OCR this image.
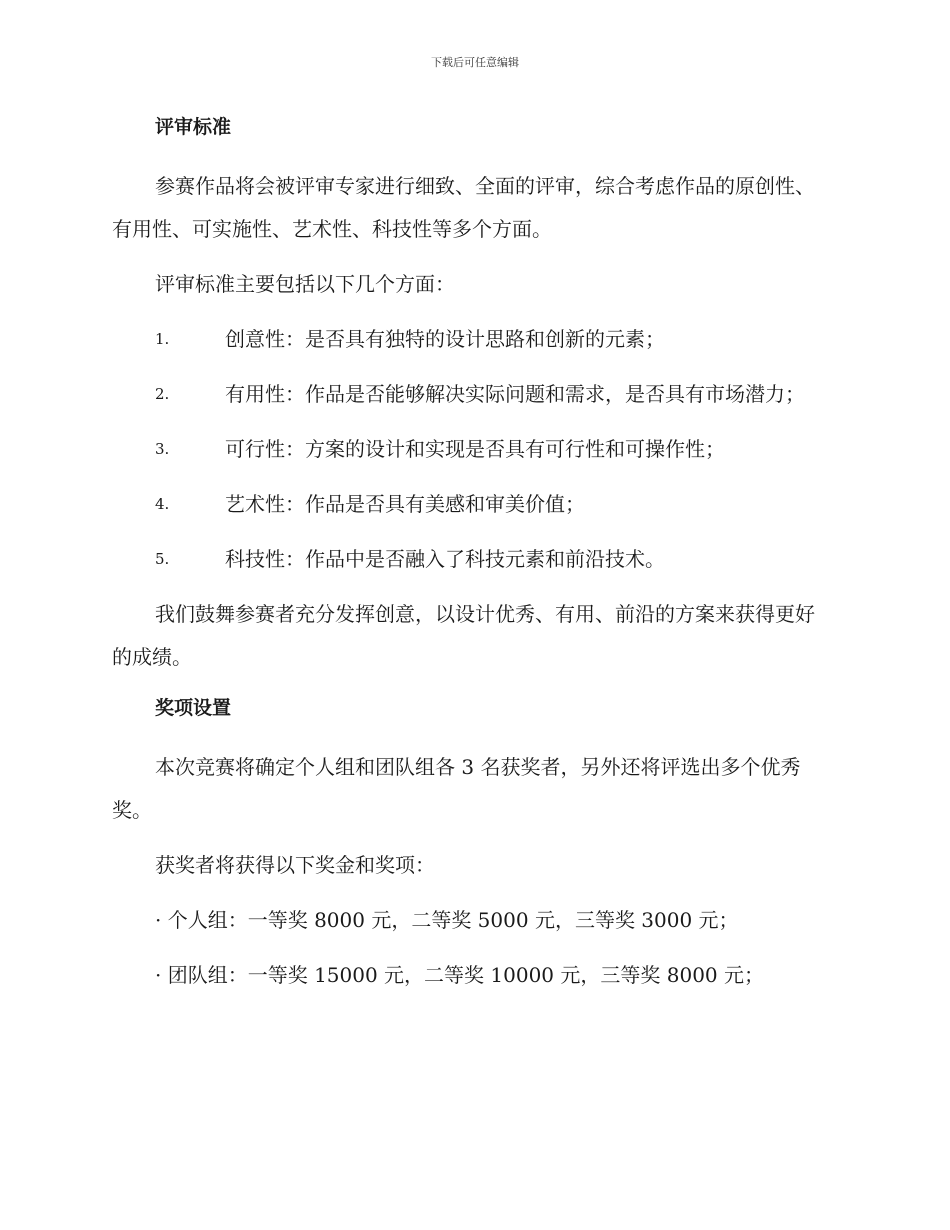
下载后可任意编辑
评审标准
参赛作品将会被评审专家进行细致、全面的评审，综合考虑作品的原创性、有用性、可实施性、艺术性、科技性等多个方面。
评审标准主要包括以下几个方面：
1.	创意性：是否具有独特的设计思路和创新的元素；
2.	有用性：作品是否能够解决实际问题和需求，是否具有市场潜力；
3.	可行性：方案的设计和实现是否具有可行性和可操作性；
4.	艺术性：作品是否具有美感和审美价值；
5.	科技性：作品中是否融入了科技元素和前沿技术。
我们鼓舞参赛者充分发挥创意，以设计优秀、有用、前沿的方案来获得更好的成绩。
奖项设置
本次竞赛将确定个人组和团队组各 3 名获奖者，另外还将评选出多个优秀奖。
获奖者将获得以下奖金和奖项：
· 个人组：一等奖 8000 元，二等奖 5000 元，三等奖 3000 元；
· 团队组：一等奖 15000 元，二等奖 10000 元，三等奖 8000 元；
